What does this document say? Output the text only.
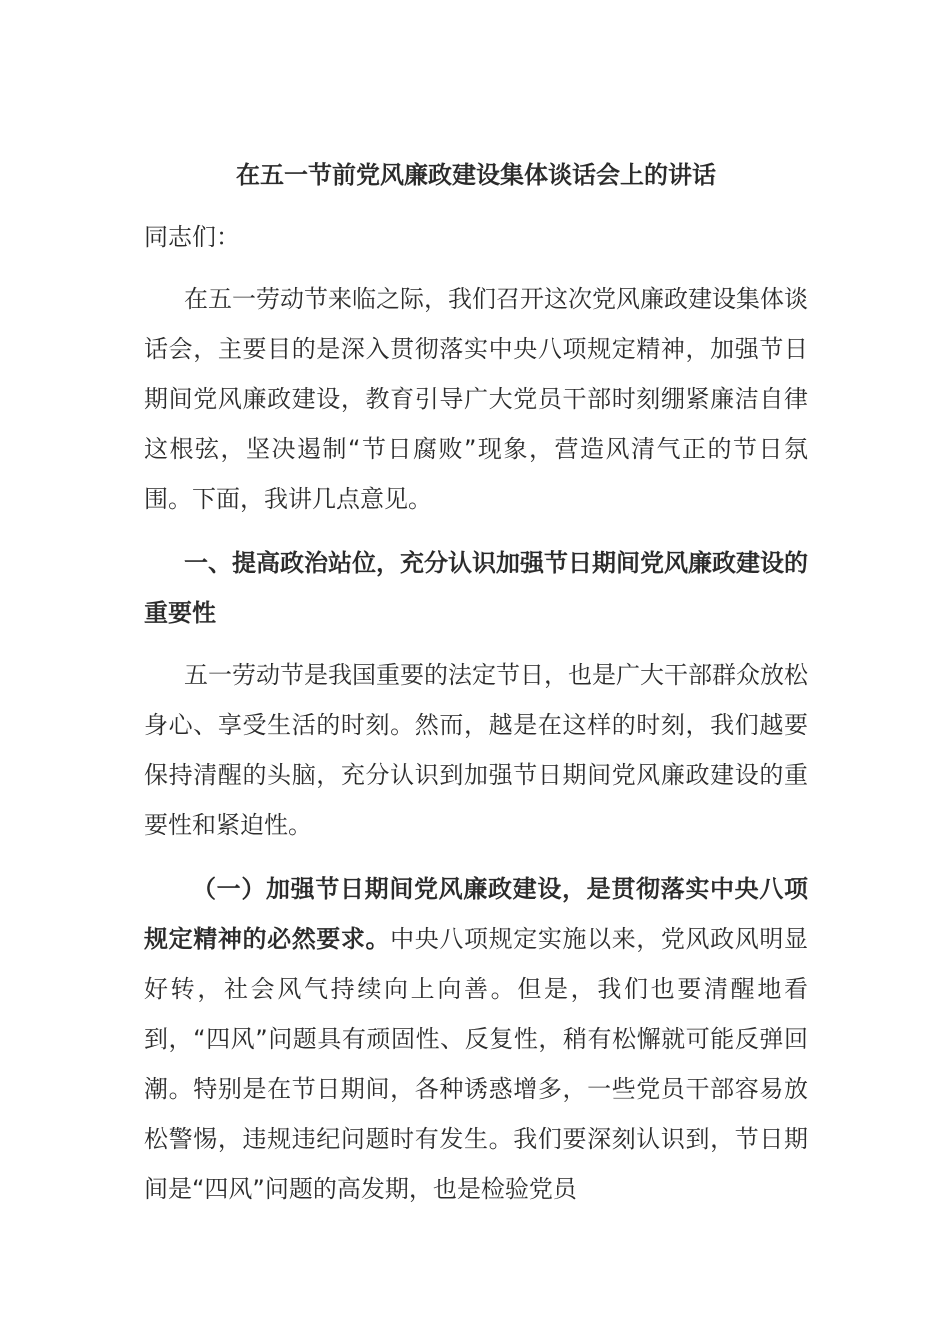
在五一节前党风廉政建设集体谈话会上的讲话

同志们：

在五一劳动节来临之际，我们召开这次党风廉政建设集体谈话会，主要目的是深入贯彻落实中央八项规定精神，加强节日期间党风廉政建设，教育引导广大党员干部时刻绷紧廉洁自律这根弦，坚决遏制“节日腐败”现象，营造风清气正的节日氛围。下面，我讲几点意见。

一、提高政治站位，充分认识加强节日期间党风廉政建设的重要性

五一劳动节是我国重要的法定节日，也是广大干部群众放松身心、享受生活的时刻。然而，越是在这样的时刻，我们越要保持清醒的头脑，充分认识到加强节日期间党风廉政建设的重要性和紧迫性。

（一）加强节日期间党风廉政建设，是贯彻落实中央八项规定精神的必然要求。中央八项规定实施以来，党风政风明显好转，社会风气持续向上向善。但是，我们也要清醒地看到，“四风”问题具有顽固性、反复性，稍有松懈就可能反弹回潮。特别是在节日期间，各种诱惑增多，一些党员干部容易放松警惕，违规违纪问题时有发生。我们要深刻认识到，节日期间是“四风”问题的高发期，也是检验党员
